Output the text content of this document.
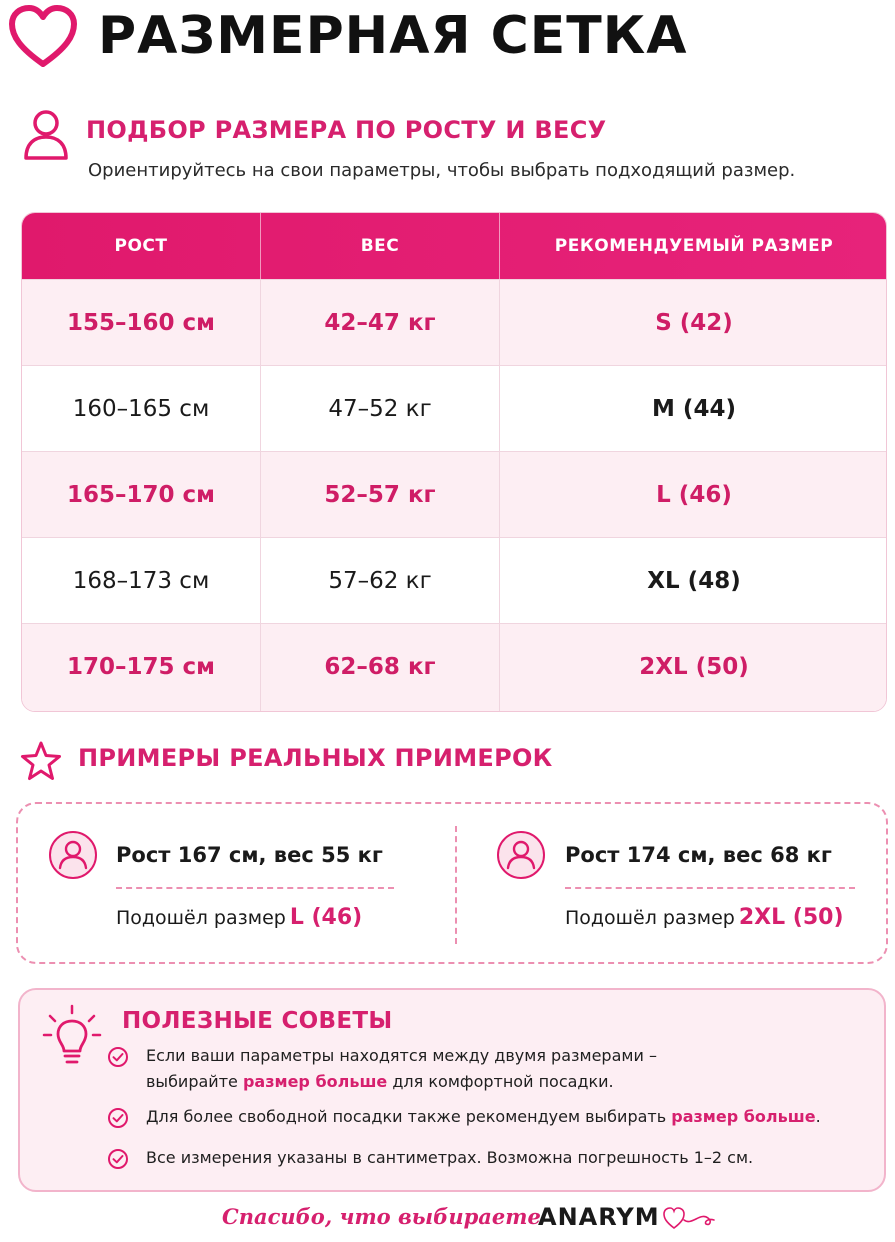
РАЗМЕРНАЯ СЕТКА
ПОДБОР РАЗМЕРА ПО РОСТУ И ВЕСУ
Ориентируйтесь на свои параметры, чтобы выбрать подходящий размер.
РОСТ	ВЕС	РЕКОМЕНДУЕМЫЙ РАЗМЕР
155–160 см	42–47 кг	S (42)
160–165 см	47–52 кг	M (44)
165–170 см	52–57 кг	L (46)
168–173 см	57–62 кг	XL (48)
170–175 см	62–68 кг	2XL (50)
ПРИМЕРЫ РЕАЛЬНЫХ ПРИМЕРОК
Рост 167 см, вес 55 кг
Подошёл размер L (46)
Рост 174 см, вес 68 кг
Подошёл размер 2XL (50)
ПОЛЕЗНЫЕ СОВЕТЫ
Если ваши параметры находятся между двумя размерами –
выбирайте размер больше для комфортной посадки.
Для более свободной посадки также рекомендуем выбирать размер больше.
Все измерения указаны в сантиметрах. Возможна погрешность 1–2 см.
Спасибо, что выбираете
ANARYM
